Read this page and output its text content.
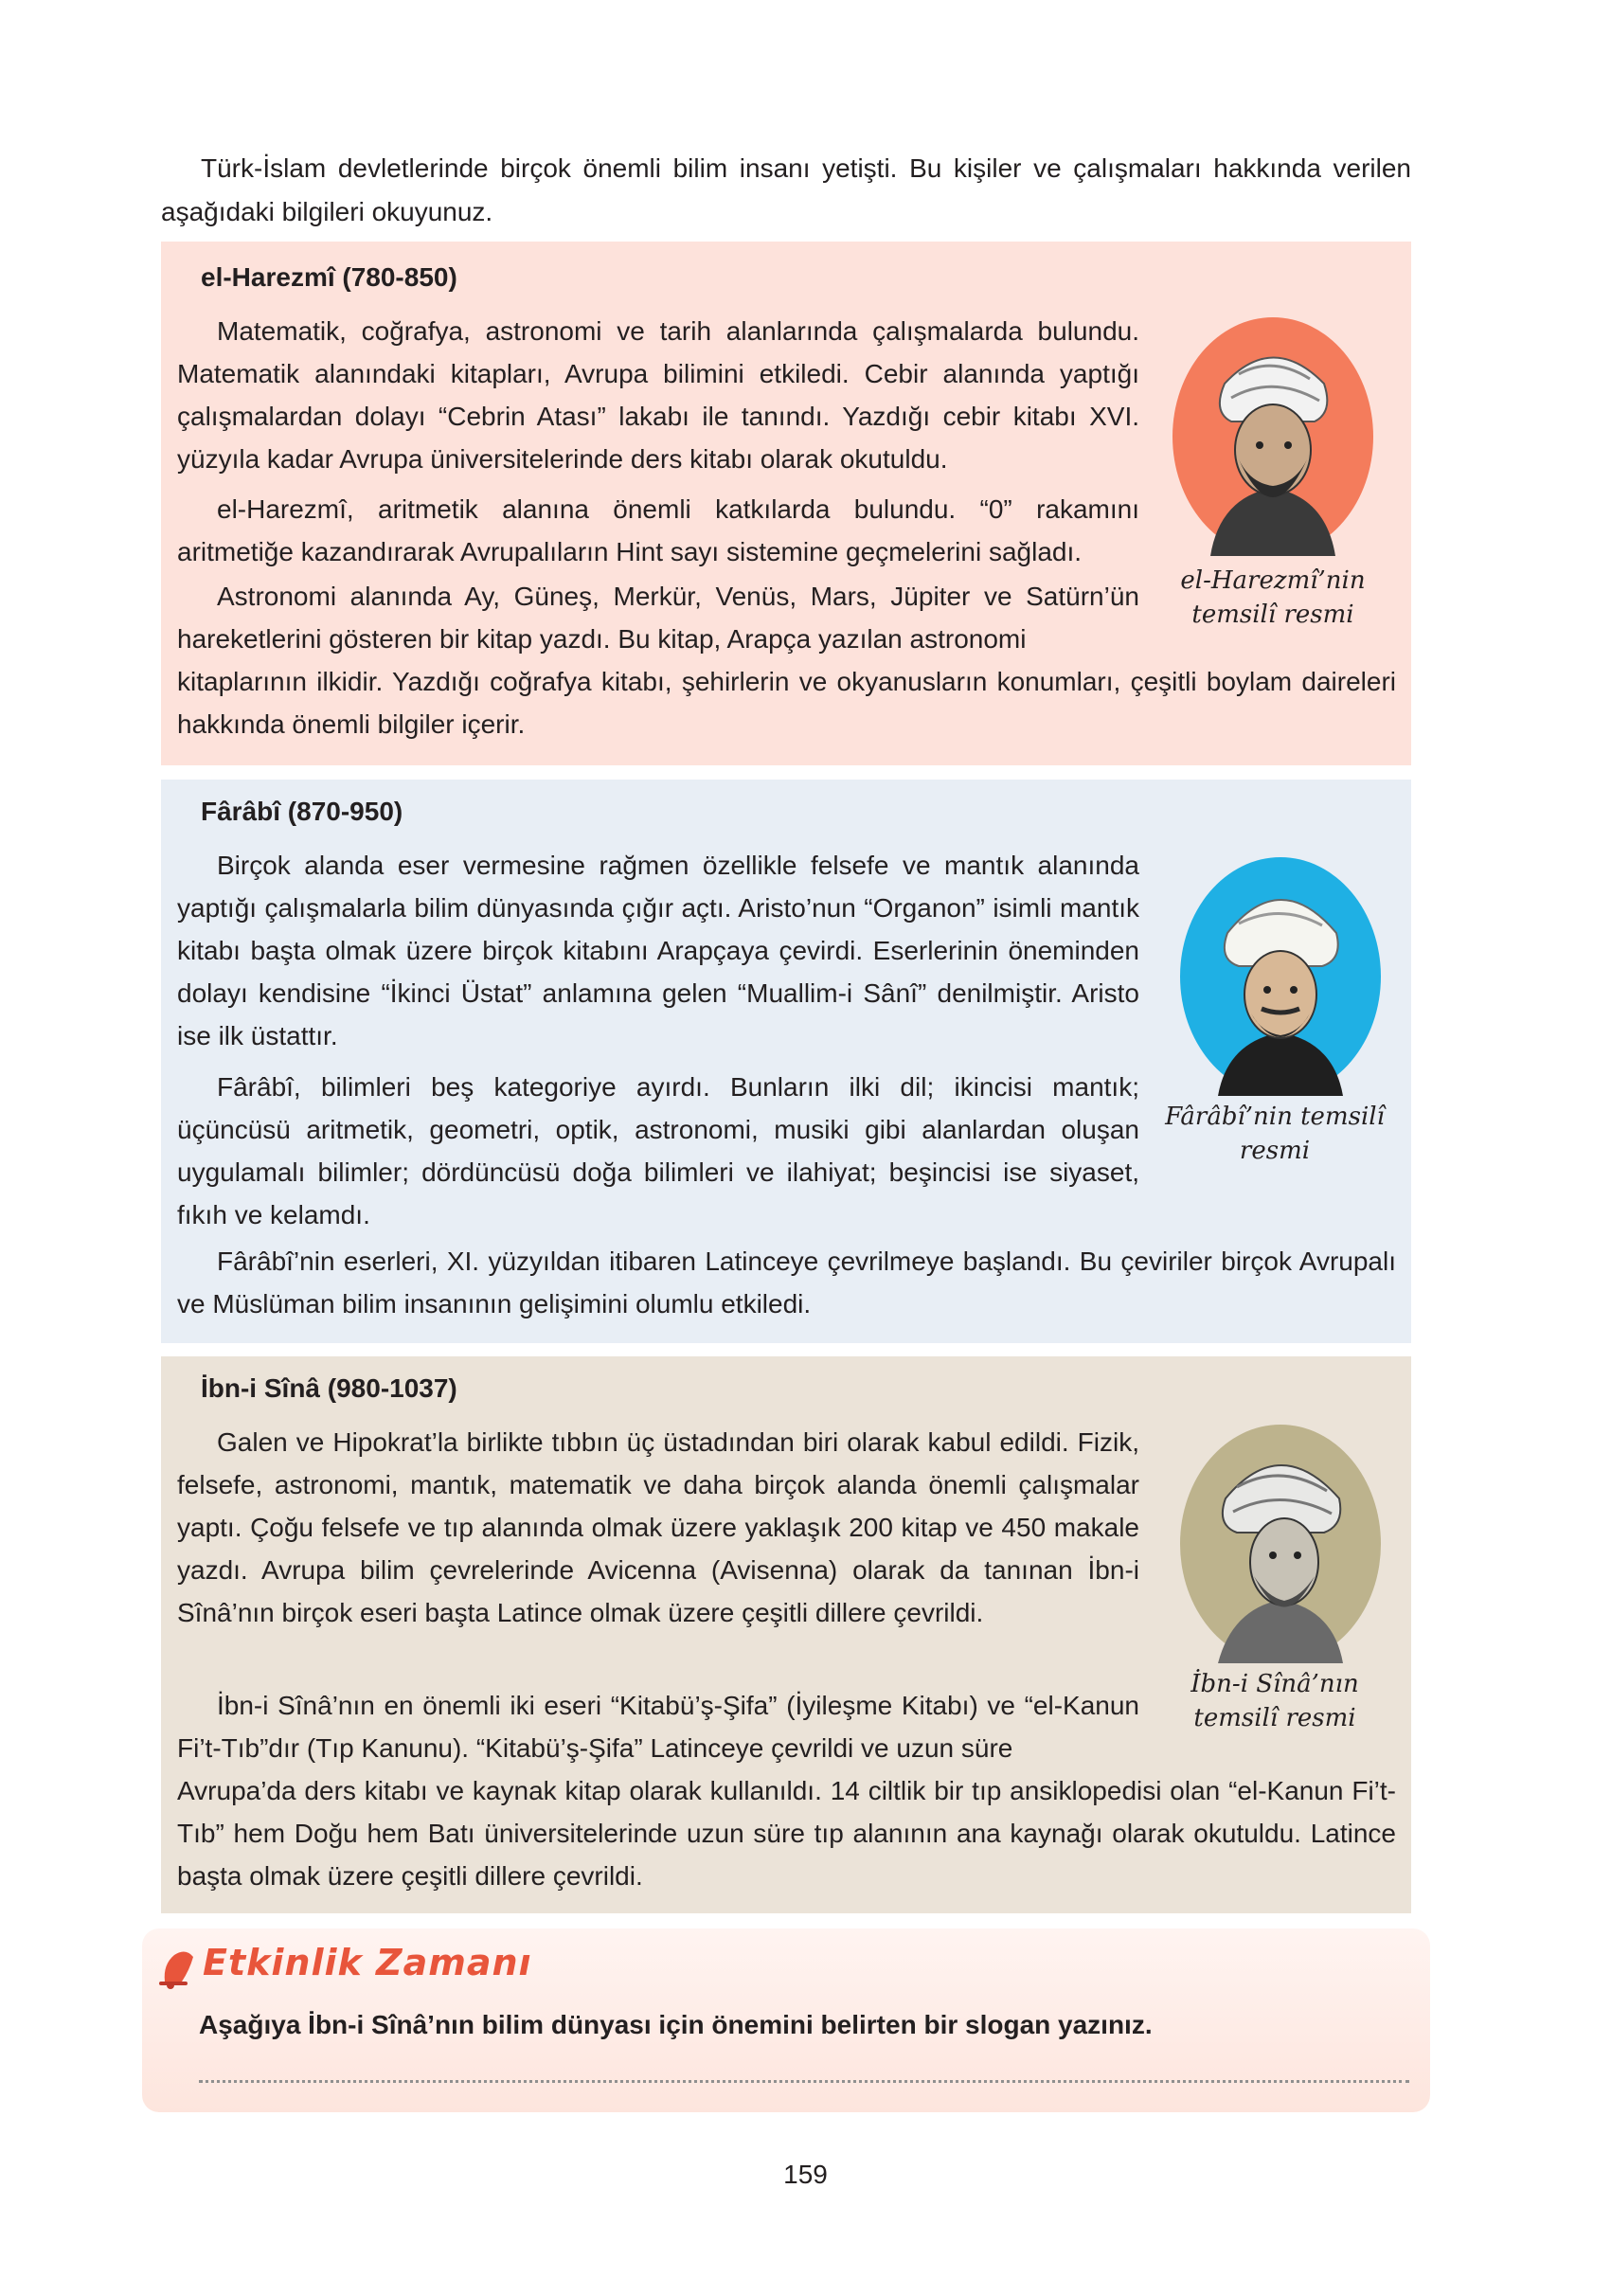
Türk-İslam devletlerinde birçok önemli bilim insanı yetişti. Bu kişiler ve çalışmaları hakkında verilen aşağıdaki bilgileri okuyunuz.

el-Harezmî (780-850)

Matematik, coğrafya, astronomi ve tarih alanlarında çalışmalarda bulundu. Matematik alanındaki kitapları, Avrupa bilimini etkiledi. Cebir alanında yaptığı çalışmalardan dolayı “Cebrin Atası” lakabı ile tanındı. Yazdığı cebir kitabı XVI. yüzyıla kadar Avrupa üniversitelerinde ders kitabı olarak okutuldu.

el-Harezmî, aritmetik alanına önemli katkılarda bulundu. “0” rakamını aritmetiğe kazandırarak Avrupalıların Hint sayı sistemine geçmelerini sağladı.

Astronomi alanında Ay, Güneş, Merkür, Venüs, Mars, Jüpiter ve Satürn’ün hareketlerini gösteren bir kitap yazdı. Bu kitap, Arapça yazılan astronomi

kitaplarının ilkidir. Yazdığı coğrafya kitabı, şehirlerin ve okyanusların konumları, çeşitli boylam daireleri hakkında önemli bilgiler içerir.

el-Harezmî’nin temsilî resmi

Fârâbî (870-950)

Birçok alanda eser vermesine rağmen özellikle felsefe ve mantık alanında yaptığı çalışmalarla bilim dünyasında çığır açtı. Aristo’nun “Organon” isimli mantık kitabı başta olmak üzere birçok kitabını Arapçaya çevirdi. Eserlerinin öneminden dolayı kendisine “İkinci Üstat” anlamına gelen “Muallim-i Sânî” denilmiştir. Aristo ise ilk üstattır.

Fârâbî, bilimleri beş kategoriye ayırdı. Bunların ilki dil; ikincisi mantık; üçüncüsü aritmetik, geometri, optik, astronomi, musiki gibi alanlardan oluşan uygulamalı bilimler; dördüncüsü doğa bilimleri ve ilahiyat; beşincisi ise siyaset, fıkıh ve kelamdı.

Fârâbî’nin eserleri, XI. yüzyıldan itibaren Latinceye çevrilmeye başlandı. Bu çeviriler birçok Avrupalı ve Müslüman bilim insanının gelişimini olumlu etkiledi.

Fârâbî’nin temsilî resmi

İbn-i Sînâ (980-1037)

Galen ve Hipokrat’la birlikte tıbbın üç üstadından biri olarak kabul edildi. Fizik, felsefe, astronomi, mantık, matematik ve daha birçok alanda önemli çalışmalar yaptı. Çoğu felsefe ve tıp alanında olmak üzere yaklaşık 200 kitap ve 450 makale yazdı. Avrupa bilim çevrelerinde Avicenna (Avisenna) olarak da tanınan İbn-i Sînâ’nın birçok eseri başta Latince olmak üzere çeşitli dillere çevrildi.

İbn-i Sînâ’nın en önemli iki eseri “Kitabü’ş-Şifa” (İyileşme Kitabı) ve “el-Kanun Fi’t-Tıb”dır (Tıp Kanunu). “Kitabü’ş-Şifa” Latinceye çevrildi ve uzun süre

Avrupa’da ders kitabı ve kaynak kitap olarak kullanıldı. 14 ciltlik bir tıp ansiklopedisi olan “el-Kanun Fi’t-Tıb” hem Doğu hem Batı üniversitelerinde uzun süre tıp alanının ana kaynağı olarak okutuldu. Latince başta olmak üzere çeşitli dillere çevrildi.

İbn-i Sînâ’nın temsilî resmi

Etkinlik Zamanı

Aşağıya İbn-i Sînâ’nın bilim dünyası için önemini belirten bir slogan yazınız.

159
